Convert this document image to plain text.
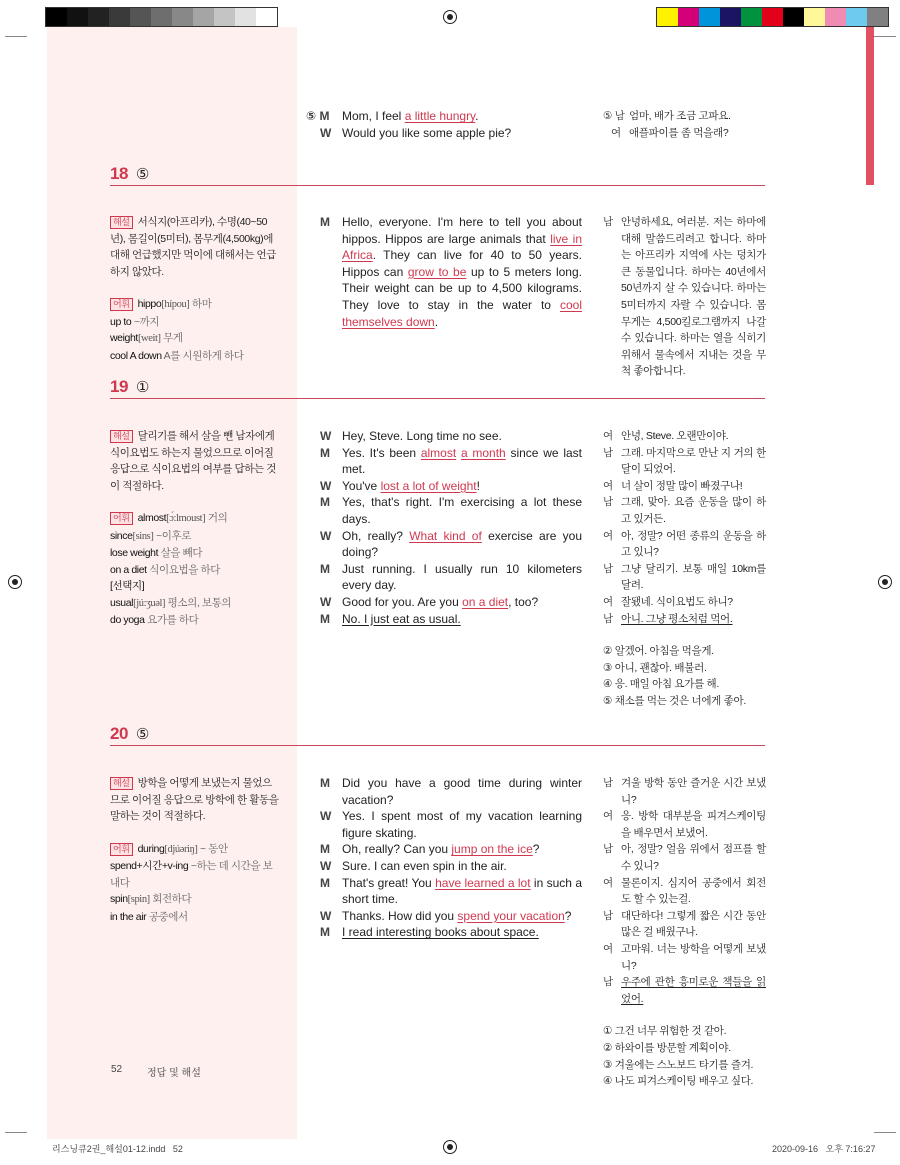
⑤ M	Mom, I feel a little hungry.
W Would you like some apple pie?
⑤ 남 엄마, 배가 조금 고파요.
여 애플파이를 좀 먹을래?
18 ⑤
해설 서식지(아프리카), 수명(40~50년), 몸길이(5미터), 몸무게(4,500kg)에 대해 언급했지만 먹이에 대해서는 언급하지 않았다.
어휘 hippo[hípou] 하마
up to ~까지
weight[weit] 무게
cool A down A를 시원하게 하다
M	Hello, everyone. I'm here to tell you about hippos. Hippos are large animals that live in Africa. They can live for 40 to 50 years. Hippos can grow to be up to 5 meters long. Their weight can be up to 4,500 kilograms. They love to stay in the water to cool themselves down.
남 안녕하세요, 여러분. 저는 하마에 대해 말씀드리려고 합니다. 하마는 아프리카 지역에 사는 덩치가 큰 동물입니다. 하마는 40년에서 50년까지 살 수 있습니다. 하마는 5미터까지 자랄 수 있습니다. 몸무게는 4,500킬로그램까지 나갈 수 있습니다. 하마는 열을 식히기 위해서 물속에서 지내는 것을 무척 좋아합니다.
19 ①
해설 달리기를 해서 살을 뺀 남자에게 식이요법도 하는지 물었으므로 이어질 응답으로 식이요법의 여부를 답하는 것이 적절하다.
어휘 almost[ɔ́:lmoust] 거의
since[sins] ~이후로
lose weight 살을 빼다
on a diet 식이요법을 하다
[선택지]
usual[jú:ʒuəl] 평소의, 보통의
do yoga 요가를 하다
W Hey, Steve. Long time no see.
M	Yes. It's been almost a month since we last met.
W You've lost a lot of weight!
M	Yes, that's right. I'm exercising a lot these days.
W Oh, really? What kind of exercise are you doing?
M	Just running. I usually run 10 kilometers every day.
W Good for you. Are you on a diet, too?
M	No. I just eat as usual.
여 안녕, Steve. 오랜만이야.
남 그래. 마지막으로 만난 지 거의 한 달이 되었어.
여 너 살이 정말 많이 빠졌구나!
남 그래, 맞아. 요즘 운동을 많이 하고 있거든.
여 아, 정말? 어떤 종류의 운동을 하고 있니?
남 그냥 달리기. 보통 매일 10km를 달려.
여 잘됐네. 식이요법도 하니?
남 아니. 그냥 평소처럼 먹어.
② 알겠어. 아침을 먹을게.
③ 아니, 괜찮아. 배불러.
④ 응. 매일 아침 요가를 해.
⑤ 채소를 먹는 것은 너에게 좋아.
20 ⑤
해설 방학을 어떻게 보냈는지 물었으므로 이어질 응답으로 방학에 한 활동을 말하는 것이 적절하다.
어휘 during[djúəriŋ] ~ 동안
spend+시간+v-ing ~하는 데 시간을 보내다
spin[spin] 회전하다
in the air 공중에서
M	Did you have a good time during winter vacation?
W Yes. I spent most of my vacation learning figure skating.
M	Oh, really? Can you jump on the ice?
W Sure. I can even spin in the air.
M	That's great! You have learned a lot in such a short time.
W Thanks. How did you spend your vacation?
M	I read interesting books about space.
남 겨울 방학 동안 즐거운 시간 보냈니?
여 응. 방학 대부분을 피겨스케이팅을 배우면서 보냈어.
남 아, 정말? 얼음 위에서 점프를 할 수 있니?
여 물론이지. 심지어 공중에서 회전도 할 수 있는걸.
남 대단하다! 그렇게 짧은 시간 동안 많은 걸 배웠구나.
여 고마워. 너는 방학을 어떻게 보냈니?
남 우주에 관한 흥미로운 책들을 읽었어.
① 그건 너무 위험한 것 같아.
② 하와이를 방문할 계획이야.
③ 겨울에는 스노보드 타기를 즐겨.
④ 나도 피겨스케이팅 배우고 싶다.
52 정답 및 해설
리스닝큐2권_해설01-12.indd   52	2020-09-16   오후 7:16:27
